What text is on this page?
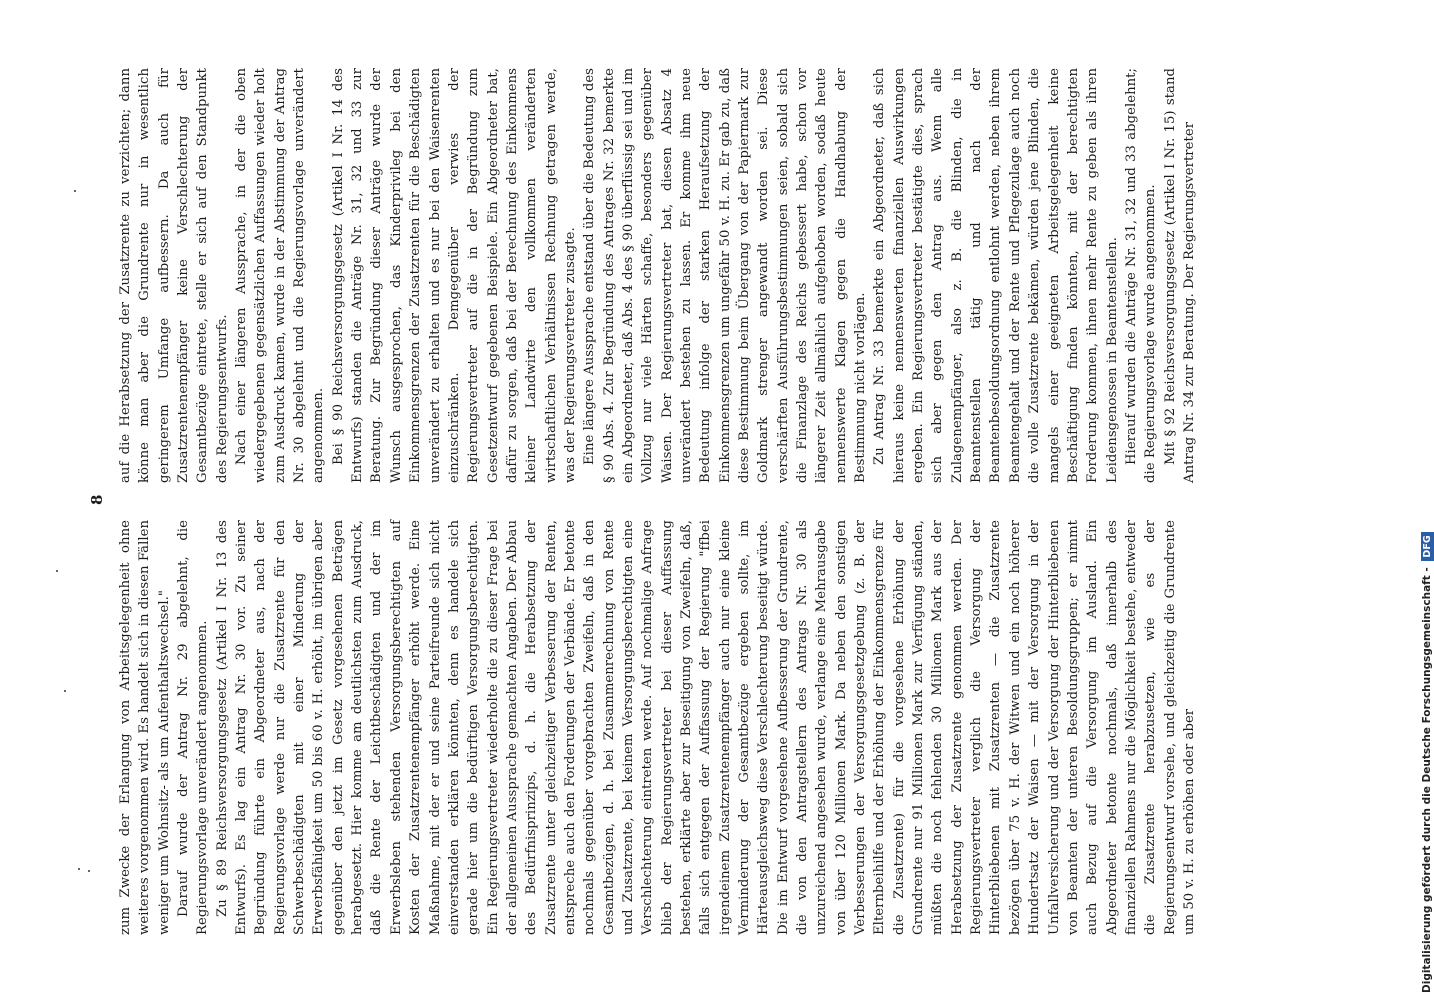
8

zum Zwecke der Erlangung von Arbeitsgelegenheit ohne weiteres vorgenommen wird. Es handelt sich in diesen Fällen weniger um Wohnsitz- als um Aufenthaltswechsel." Darauf wurde der Antrag Nr. 29 abgelehnt, die Regierungsvorlage unverändert angenommen. Zu § 89 Reichsversorgungsgesetz (Artikel I Nr. 13 des Entwurfs). Es lag ein Antrag Nr. 30 vor. Zu seiner Begründung führte ein Abgeordneter aus, nach der Regierungsvorlage werde nur die Zusatzrente für den Schwerbeschädigten mit einer Minderung der Erwerbsfähigkeit um 50 bis 60 v. H. erhöht, im übrigen aber gegenüber den jetzt im Gesetz vorgesehenen Beträgen herabgesetzt. Hier komme am deutlichsten zum Ausdruck, daß die Rente der Leichtbeschädigten und der im Erwerbsleben stehenden Versorgungsberechtigten auf Kosten der Zusatzrentenempfänger erhöht werde. Eine Maßnahme, mit der er und seine Parteifreunde sich nicht einverstanden erklären könnten, denn es handele sich gerade hier um die bedürftigen Versorgungsberechtigten. Ein Regierungsvertreter wiederholte die zu dieser Frage bei der allgemeinen Aussprache gemachten Angaben. Der Abbau des Bedürfnisprinzips, d. h. die Herabsetzung der Zusatzrente unter gleichzeitiger Verbesserung der Renten, entspreche auch den Forderungen der Verbände. Er betonte nochmals gegenüber vorgebrachten Zweifeln, daß in den Gesamtbezügen, d. h. bei Zusammenrechnung von Rente und Zusatzrente, bei keinem Versorgungsberechtigten eine Verschlechterung eintreten werde. Auf nochmalige Anfrage blieb der Regierungsvertreter bei dieser Auffassung bestehen, erklärte aber zur Beseitigung von Zweifeln, daß, falls sich entgegen der Auffassung der Regierung "ffbei irgendeinem Zusatzrentenempfänger auch nur eine kleine Verminderung der Gesamtbezüge ergeben sollte, im Härteausgleichsweg diese Verschlechterung beseitigt würde. Die im Entwurf vorgesehene Aufbesserung der Grundrente, die von den Antragstellern des Antrags Nr. 30 als unzureichend angesehen wurde, verlange eine Mehrausgabe von über 120 Millionen Mark. Da neben den sonstigen Verbesserungen der Versorgungsgesetzgebung (z. B. der Elternbeihilfe und der Erhöhung der Einkommensgrenze für die Zusatzrente) für die vorgesehene Erhöhung der Grundrente nur 91 Millionen Mark zur Verfügung ständen, müßten die noch fehlenden 30 Millionen Mark aus der Herabsetzung der Zusatzrente genommen werden. Der Regierungsvertreter verglich die Versorgung der Hinterbliebenen mit Zusatzrenten — die Zusatzrente bezögen über 75 v. H. der Witwen und ein noch höherer Hundertsatz der Waisen — mit der Versorgung in der Unfallversicherung und der Versorgung der Hinterbliebenen von Beamten der unteren Besoldungsgruppen; er nimmt auch Bezug auf die Versorgung im Ausland. Ein Abgeordneter betonte nochmals, daß innerhalb des finanziellen Rahmens nur die Möglichkeit bestehe, entweder die Zusatzrente herabzusetzen, wie es der Regierungsentwurf vorsehe, und gleichzeitig die Grundrente um 50 v. H. zu erhöhen oder aber

auf die Herabsetzung der Zusatzrente zu verzichten; dann könne man aber die Grundrente nur in wesentlich geringerem Umfange aufbessern. Da auch für Zusatzrentenempfänger keine Verschlechterung der Gesamtbezüge eintrete, stelle er sich auf den Standpunkt des Regierungsentwurfs. Nach einer längeren Aussprache, in der die oben wiedergegebenen gegensätzlichen Auffassungen wieder holt zum Ausdruck kamen, wurde in der Abstimmung der Antrag Nr. 30 abgelehnt und die Regierungsvorlage unverändert angenommen. Bei § 90 Reichsversorgungsgesetz (Artikel I Nr. 14 des Entwurfs) standen die Anträge Nr. 31, 32 und 33 zur Beratung. Zur Begründung dieser Anträge wurde der Wunsch ausgesprochen, das Kinderprivileg bei den Einkommensgrenzen der Zusatzrenten für die Beschädigten unverändert zu erhalten und es nur bei den Waisenrenten einzuschränken. Demgegenüber verwies der Regierungsvertreter auf die in der Begründung zum Gesetzentwurf gegebenen Beispiele. Ein Abgeordneter bat, dafür zu sorgen, daß bei der Berechnung des Einkommens kleiner Landwirte den vollkommen veränderten wirtschaftlichen Verhältnissen Rechnung getragen werde, was der Regierungsvertreter zusagte. Eine längere Aussprache entstand über die Bedeutung des § 90 Abs. 4. Zur Begründung des Antrages Nr. 32 bemerkte ein Abgeordneter, daß Abs. 4 des § 90 überflüssig sei und im Vollzug nur viele Härten schaffe, besonders gegenüber Waisen. Der Regierungsvertreter bat, diesen Absatz 4 unverändert bestehen zu lassen. Er komme ihm neue Bedeutung infolge der starken Heraufsetzung der Einkommensgrenzen um ungefähr 50 v. H. zu. Er gab zu, daß diese Bestimmung beim Übergang von der Papiermark zur Goldmark strenger angewandt worden sei. Diese verschärften Ausführungsbestimmungen seien, sobald sich die Finanzlage des Reichs gebessert habe, schon vor längerer Zeit allmählich aufgehoben worden, sodaß heute nennenswerte Klagen gegen die Handhabung der Bestimmung nicht vorlägen. Zu Antrag Nr. 33 bemerkte ein Abgeordneter, daß sich hieraus keine nennenswerten finanziellen Auswirkungen ergeben. Ein Regierungsvertreter bestätigte dies, sprach sich aber gegen den Antrag aus. Wenn alle Zulagenempfänger, also z. B. die Blinden, die in Beamtenstellen tätig und nach der Beamtenbesoldungsordnung entlohnt werden, neben ihrem Beamtengehalt und der Rente und Pflegezulage auch noch die volle Zusatzrente bekämen, würden jene Blinden, die mangels einer geeigneten Arbeitsgelegenheit keine Beschäftigung finden könnten, mit der berechtigten Forderung kommen, ihnen mehr Rente zu geben als ihren Leidensgenossen in Beamtenstellen. Hierauf wurden die Anträge Nr. 31, 32 und 33 abgelehnt; die Regierungsvorlage wurde angenommen. Mit § 92 Reichsversorgungsgesetz (Artikel I Nr. 15) stand Antrag Nr. 34 zur Beratung. Der Regierungsvertreter

Digitalisierung gefördert durch die Deutsche Forschungsgemeinschaft - DFG
